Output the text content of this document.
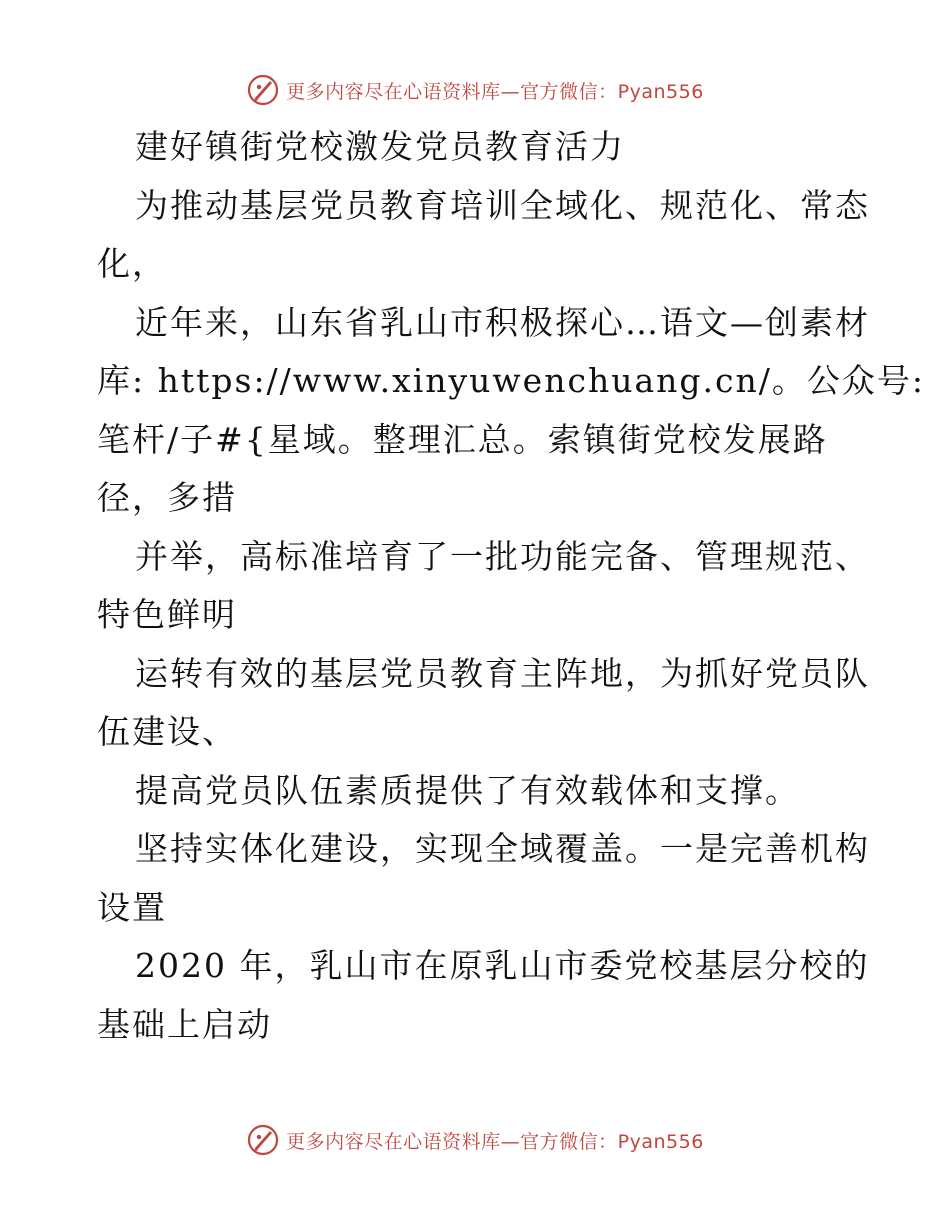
更多内容尽在心语资料库—官方微信：Pyan556
建好镇街党校激发党员教育活力
为推动基层党员教育培训全域化、规范化、常态
化，
近年来，山东省乳山市积极探心…语文—创素材
库: https://www.xinyuwenchuang.cn/。公众号:
笔杆/子#{星域。整理汇总。索镇街党校发展路
径，多措
并举，高标准培育了一批功能完备、管理规范、
特色鲜明
运转有效的基层党员教育主阵地，为抓好党员队
伍建设、
提高党员队伍素质提供了有效载体和支撑。
坚持实体化建设，实现全域覆盖。一是完善机构
设置
2020 年，乳山市在原乳山市委党校基层分校的
基础上启动
更多内容尽在心语资料库—官方微信：Pyan556
